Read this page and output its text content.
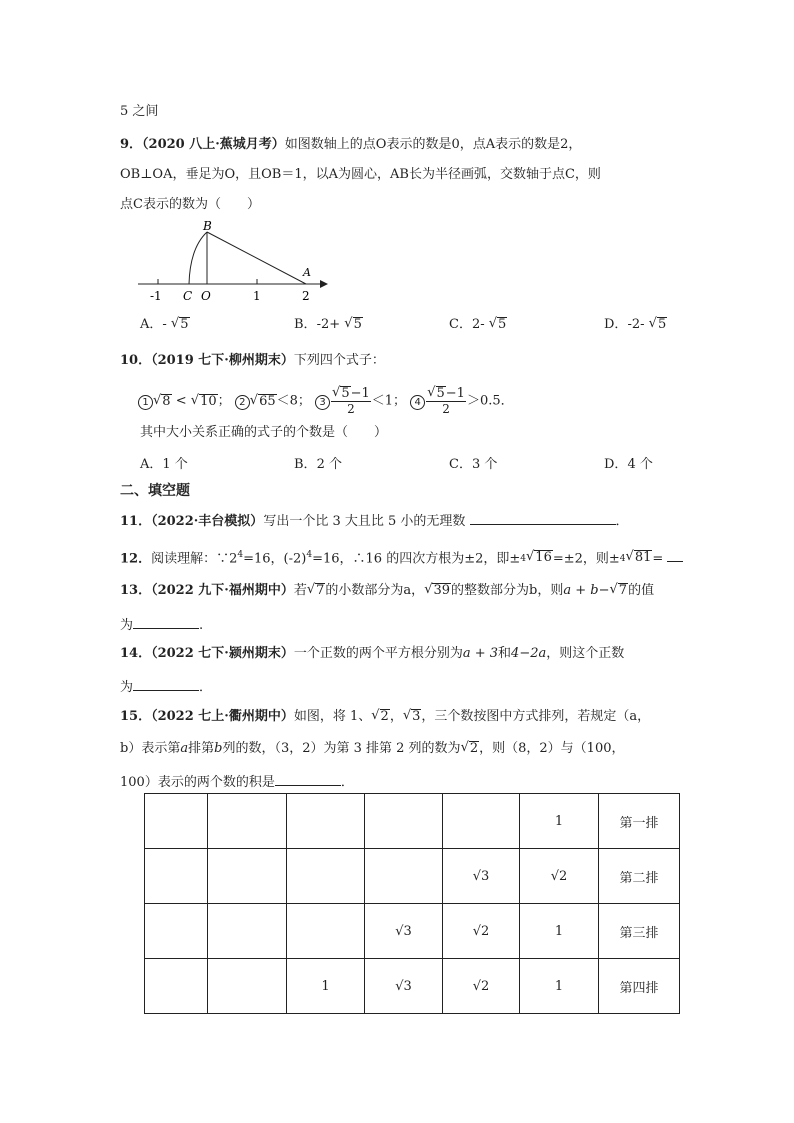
5 之间
9．（2020 八上·蕉城月考）如图数轴上的点O表示的数是0，点A表示的数是2，
OB⊥OA，垂足为O，且OB＝1，以A为圆心，AB长为半径画弧，交数轴于点C，则
点C表示的数为（　　）
B
A
-1 C O	1	2
A．- √ 5	B．-2+ √ 5	C．2- √ 5	D．-2- √ 5
10．（2019 七下·柳州期末）下列四个式子：
1 √ 8 < √ 10 ； 2 √ 65 ＜8； $3 \frac{√ 5 -1}{2} <1$； $4 \frac{√ 5 -1}{2} >0.5$．
其中大小关系正确的式子的个数是（　　）
A．1 个	B．2 个	C．3 个	D．4 个
二、填空题
11．（2022·丰台模拟）写出一个比 3 大且比 5 小的无理数	．
12．阅读理解：$\because 2^4=16$，$(-2)^4=16$，∴16 的四次方根为±2，即± 4 √ 16 =±2，则± 4 √ 81 =
13．（2022 九下·福州期中）若 √ 7 的小数部分为a， √ 39 的整数部分为b，则a + b− √ 7 的值
为	.
14．（2022 七下·颍州期末）一个正数的两个平方根分别为a + 3和4−2a，则这个正数
为	．
15．（2022 七上·衢州期中）如图，将 1、 √ 2 ， √ 3 ，三个数按图中方式排列，若规定（a，
b）表示第a排第b列的数，（3，2）为第 3 排第 2 列的数为 √ 2 ，则（8，2）与（100，
100）表示的两个数的积是	．
					1	第一排
				√3	√2	第二排
			√3	√2	1	第三排
		1	√3	√2	1	第四排
